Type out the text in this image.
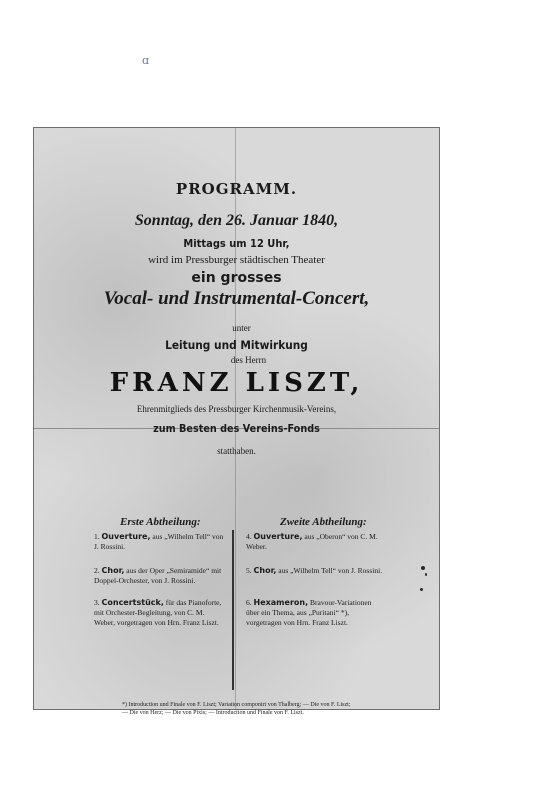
ɑ
PROGRAMM.
Sonntag, den 26. Januar 1840,
Mittags um 12 Uhr,
wird im Pressburger städtischen Theater
ein grosses
Vocal- und Instrumental-Concert,
unter
Leitung und Mitwirkung
des Herrn
FRANZ LISZT,
Ehrenmitglieds des Pressburger Kirchenmusik-Vereins,
zum Besten des Vereins-Fonds
statthaben.
Erste Abtheilung:	Zweite Abtheilung:
1. Ouverture, aus „Wilhelm Tell“ von J. Rossini.
2. Chor, aus der Oper „Semiramide“ mit Doppel-Orchester, von J. Rossini.
3. Concertstück, für das Pianoforte, mit Orchester-Begleitung, von C. M. Weber, vorgetragen von Hrn. Franz Liszt.
4. Ouverture, aus „Oberon“ von C. M. Weber.
5. Chor, aus „Wilhelm Tell“ von J. Rossini.
6. Hexameron, Bravour-Variationen über ein Thema, aus „Puritani“ *), vorgetragen von Hrn. Franz Liszt.
*) Introduction und Finale von F. Liszt; Variation componirt von Thalberg; — Die von F. Liszt; — Die von Herz; — Die von Pixis; — Introduction und Finale von F. Liszt.
